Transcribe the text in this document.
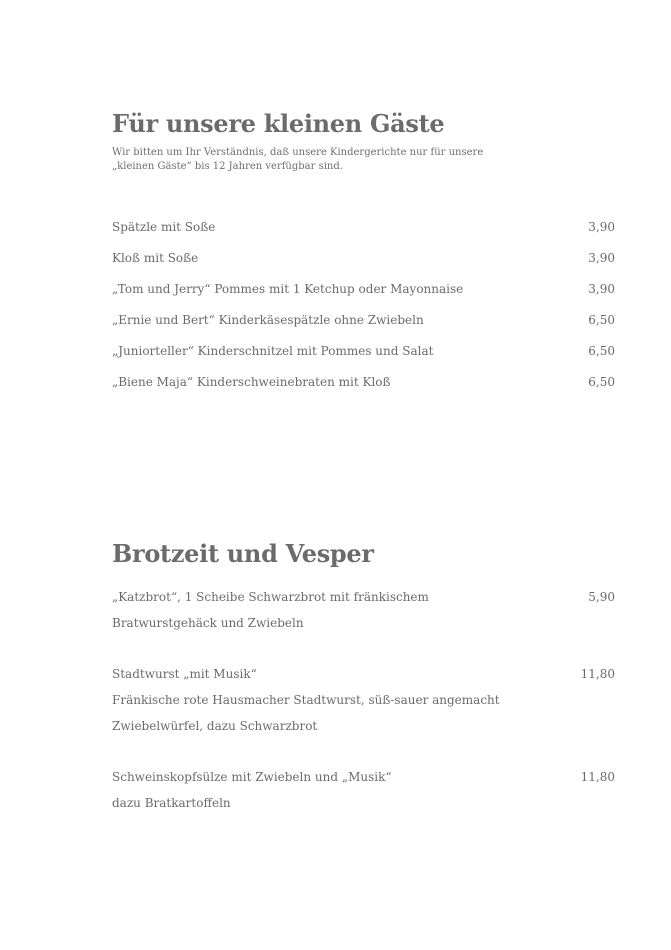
Für unsere kleinen Gäste
Wir bitten um Ihr Verständnis, daß unsere Kindergerichte nur für unsere
„kleinen Gäste“ bis 12 Jahren verfügbar sind.
Spätzle mit Soße	3,90
Kloß mit Soße	3,90
„Tom und Jerry“ Pommes mit 1 Ketchup oder Mayonnaise	3,90
„Ernie und Bert“ Kinderkäsespätzle ohne Zwiebeln	6,50
„Juniorteller“ Kinderschnitzel mit Pommes und Salat	6,50
„Biene Maja“ Kinderschweinebraten mit Kloß	6,50
Brotzeit und Vesper
„Katzbrot“, 1 Scheibe Schwarzbrot mit fränkischem	5,90
Bratwurstgehäck und Zwiebeln
Stadtwurst „mit Musik“	11,80
Fränkische rote Hausmacher Stadtwurst, süß-sauer angemacht
Zwiebelwürfel, dazu Schwarzbrot
Schweinskopfsülze mit Zwiebeln und „Musik“	11,80
dazu Bratkartoffeln
